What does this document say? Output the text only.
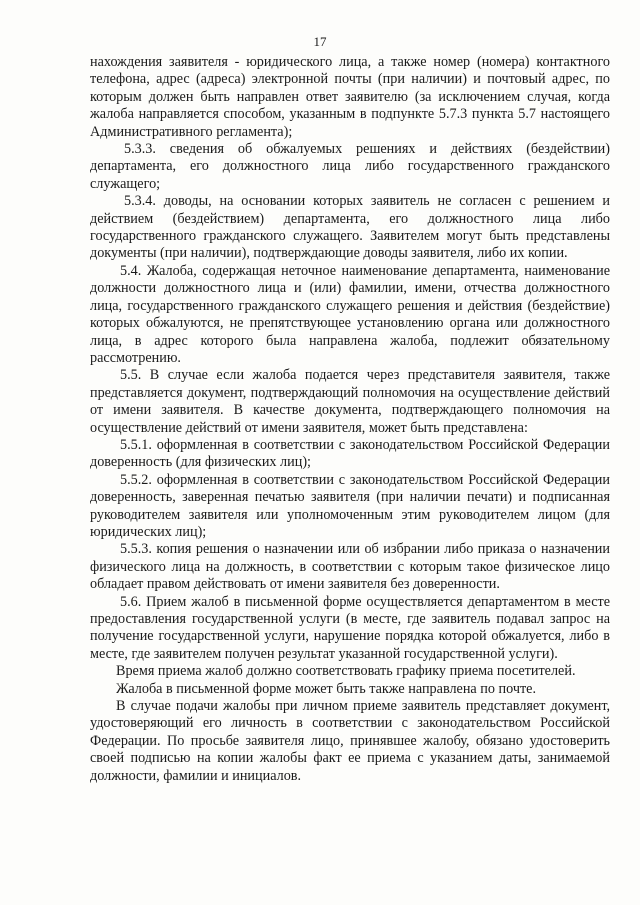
17

нахождения заявителя - юридического лица, а также номер (номера) контактного телефона, адрес (адреса) электронной почты (при наличии) и почтовый адрес, по которым должен быть направлен ответ заявителю (за исключением случая, когда жалоба направляется способом, указанным в подпункте 5.7.3 пункта 5.7 настоящего Административного регламента);

5.3.3. сведения об обжалуемых решениях и действиях (бездействии) департамента, его должностного лица либо государственного гражданского служащего;

5.3.4. доводы, на основании которых заявитель не согласен с решением и действием (бездействием) департамента, его должностного лица либо государственного гражданского служащего. Заявителем могут быть представлены документы (при наличии), подтверждающие доводы заявителя, либо их копии.

5.4. Жалоба, содержащая неточное наименование департамента, наименование должности должностного лица и (или) фамилии, имени, отчества должностного лица, государственного гражданского служащего решения и действия (бездействие) которых обжалуются, не препятствующее установлению органа или должностного лица, в адрес которого была направлена жалоба, подлежит обязательному рассмотрению.

5.5. В случае если жалоба подается через представителя заявителя, также представляется документ, подтверждающий полномочия на осуществление действий от имени заявителя. В качестве документа, подтверждающего полномочия на осуществление действий от имени заявителя, может быть представлена:

5.5.1. оформленная в соответствии с законодательством Российской Федерации доверенность (для физических лиц);

5.5.2. оформленная в соответствии с законодательством Российской Федерации доверенность, заверенная печатью заявителя (при наличии печати) и подписанная руководителем заявителя или уполномоченным этим руководителем лицом (для юридических лиц);

5.5.3. копия решения о назначении или об избрании либо приказа о назначении физического лица на должность, в соответствии с которым такое физическое лицо обладает правом действовать от имени заявителя без доверенности.

5.6. Прием жалоб в письменной форме осуществляется департаментом в месте предоставления государственной услуги (в месте, где заявитель подавал запрос на получение государственной услуги, нарушение порядка которой обжалуется, либо в месте, где заявителем получен результат указанной государственной услуги).

Время приема жалоб должно соответствовать графику приема посетителей.

Жалоба в письменной форме может быть также направлена по почте.

В случае подачи жалобы при личном приеме заявитель представляет документ, удостоверяющий его личность в соответствии с законодательством Российской Федерации. По просьбе заявителя лицо, принявшее жалобу, обязано удостоверить своей подписью на копии жалобы факт ее приема с указанием даты, занимаемой должности, фамилии и инициалов.
